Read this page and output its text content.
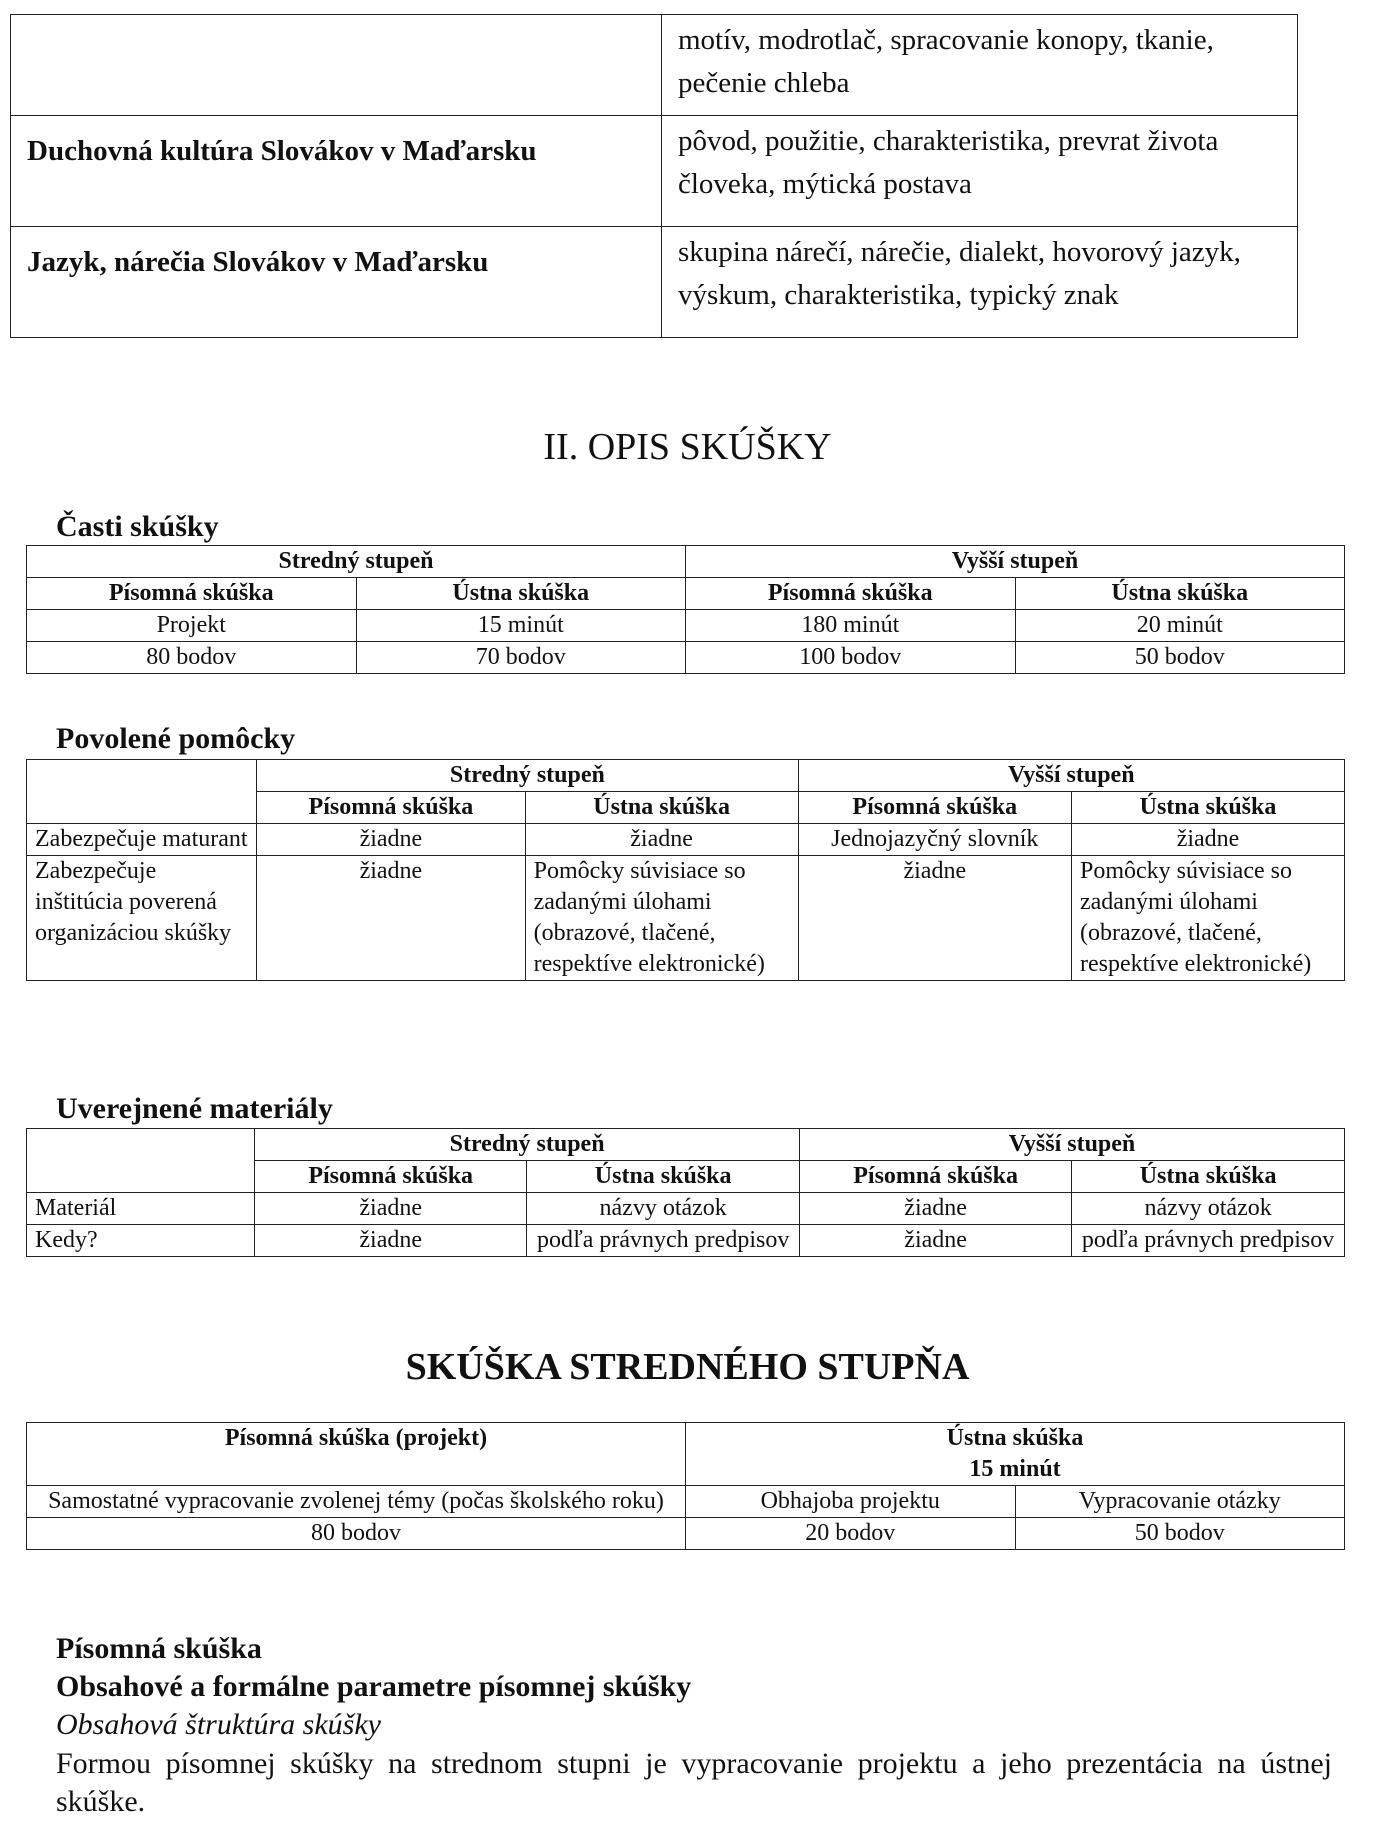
	motív, modrotlač, spracovanie konopy, tkanie, pečenie chleba
Duchovná kultúra Slovákov v Maďarsku	pôvod, použitie, charakteristika, prevrat života človeka, mýtická postava
Jazyk, nárečia Slovákov v Maďarsku	skupina nárečí, nárečie, dialekt, hovorový jazyk, výskum, charakteristika, typický znak
II. OPIS SKÚŠKY
Časti skúšky
Stredný stupeň		Vyšší stupeň	
Písomná skúška	Ústna skúška	Písomná skúška	Ústna skúška
Projekt	15 minút	180 minút	20 minút
80 bodov	70 bodov	100 bodov	50 bodov
Povolené pomôcky
	Stredný stupeň		Vyšší stupeň	
	Písomná skúška	Ústna skúška	Písomná skúška	Ústna skúška
Zabezpečuje maturant	žiadne	žiadne	Jednojazyčný slovník	žiadne
Zabezpečuje inštitúcia poverená organizáciou skúšky	žiadne	Pomôcky súvisiace so zadanými úlohami (obrazové, tlačené, respektíve elektronické)	žiadne	Pomôcky súvisiace so zadanými úlohami (obrazové, tlačené, respektíve elektronické)
Uverejnené materiály
	Stredný stupeň		Vyšší stupeň	
	Písomná skúška	Ústna skúška	Písomná skúška	Ústna skúška
Materiál	žiadne	názvy otázok	žiadne	názvy otázok
Kedy?	žiadne	podľa právnych predpisov	žiadne	podľa právnych predpisov
SKÚŠKA STREDNÉHO STUPŇA
Písomná skúška (projekt)	Ústna skúška
15 minút	

Samostatné vypracovanie zvolenej témy (počas školského roku)	Obhajoba projektu	Vypracovanie otázky
80 bodov	20 bodov	50 bodov
Písomná skúška
Obsahové a formálne parametre písomnej skúšky
Obsahová štruktúra skúšky
Formou písomnej skúšky na strednom stupni je vypracovanie projektu a jeho prezentácia na ústnej skúške.
